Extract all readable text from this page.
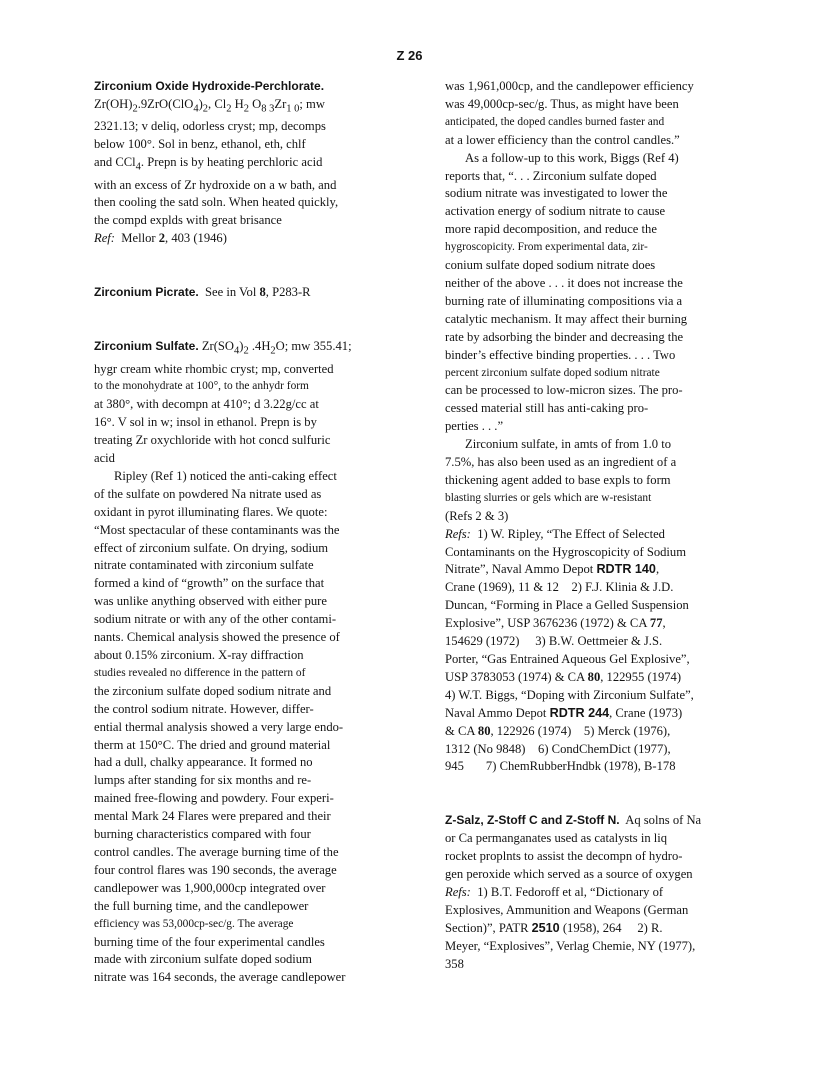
Z 26
Zirconium Oxide Hydroxide-Perchlorate.
$Zr(OH)_2.9ZrO(ClO_4)_2$, $Cl_2$ $H_2$ $O_{8 3}Zr_{1 0}$; mw
2321.13; v deliq, odorless cryst; mp, decomps
below 100°. Sol in benz, ethanol, eth, chlf
and CCl$_4$. Prepn is by heating perchloric acid
with an excess of Zr hydroxide on a w bath, and
then cooling the satd soln. When heated quickly,
the compd explds with great brisance
Ref:  Mellor 2, 403 (1946)
Zirconium Picrate.  See in Vol 8, P283-R
Zirconium Sulfate. $Zr(SO_4)_2$ $.4H_2O$; mw 355.41;
hygr cream white rhombic cryst; mp, converted
to the monohydrate at 100°, to the anhydr form
at 380°, with decompn at 410°; d 3.22g/cc at
16°. V sol in w; insol in ethanol. Prepn is by
treating Zr oxychloride with hot concd sulfuric
acid
Ripley (Ref 1) noticed the anti-caking effect
of the sulfate on powdered Na nitrate used as
oxidant in pyrot illuminating flares. We quote:
“Most spectacular of these contaminants was the
effect of zirconium sulfate. On drying, sodium
nitrate contaminated with zirconium sulfate
formed a kind of “growth” on the surface that
was unlike anything observed with either pure
sodium nitrate or with any of the other contami-
nants. Chemical analysis showed the presence of
about 0.15% zirconium. X-ray diffraction
studies revealed no difference in the pattern of
the zirconium sulfate doped sodium nitrate and
the control sodium nitrate. However, differ-
ential thermal analysis showed a very large endo-
therm at 150°C. The dried and ground material
had a dull, chalky appearance. It formed no
lumps after standing for six months and re-
mained free-flowing and powdery. Four experi-
mental Mark 24 Flares were prepared and their
burning characteristics compared with four
control candles. The average burning time of the
four control flares was 190 seconds, the average
candlepower was 1,900,000cp integrated over
the full burning time, and the candlepower
efficiency was 53,000cp-sec/g. The average
burning time of the four experimental candles
made with zirconium sulfate doped sodium
nitrate was 164 seconds, the average candlepower
was 1,961,000cp, and the candlepower efficiency
was 49,000cp-sec/g. Thus, as might have been
anticipated, the doped candles burned faster and
at a lower efficiency than the control candles.”
As a follow-up to this work, Biggs (Ref 4)
reports that, “. . . Zirconium sulfate doped
sodium nitrate was investigated to lower the
activation energy of sodium nitrate to cause
more rapid decomposition, and reduce the
hygroscopicity. From experimental data, zir-
conium sulfate doped sodium nitrate does
neither of the above . . . it does not increase the
burning rate of illuminating compositions via a
catalytic mechanism. It may affect their burning
rate by adsorbing the binder and decreasing the
binder’s effective binding properties. . . . Two
percent zirconium sulfate doped sodium nitrate
can be processed to low-micron sizes. The pro-
cessed material still has anti-caking pro-
perties . . .”
Zirconium sulfate, in amts of from 1.0 to
7.5%, has also been used as an ingredient of a
thickening agent added to base expls to form
blasting slurries or gels which are w-resistant
(Refs 2 & 3)
Refs:  1) W. Ripley, “The Effect of Selected
Contaminants on the Hygroscopicity of Sodium
Nitrate”, Naval Ammo Depot RDTR 140,
Crane (1969), 11 & 12    2) F.J. Klinia & J.D.
Duncan, “Forming in Place a Gelled Suspension
Explosive”, USP 3676236 (1972) & CA 77,
154629 (1972)     3) B.W. Oettmeier & J.S.
Porter, “Gas Entrained Aqueous Gel Explosive”,
USP 3783053 (1974) & CA 80, 122955 (1974)
4) W.T. Biggs, “Doping with Zirconium Sulfate”,
Naval Ammo Depot RDTR 244, Crane (1973)
& CA 80, 122926 (1974)    5) Merck (1976),
1312 (No 9848)    6) CondChemDict (1977),
945       7) ChemRubberHndbk (1978), B-178
Z-Salz, Z-Stoff C and Z-Stoff N.  Aq solns of Na
or Ca permanganates used as catalysts in liq
rocket proplnts to assist the decompn of hydro-
gen peroxide which served as a source of oxygen
Refs:  1) B.T. Fedoroff et al, “Dictionary of
Explosives, Ammunition and Weapons (German
Section)”, PATR 2510 (1958), 264     2) R.
Meyer, “Explosives”, Verlag Chemie, NY (1977),
358
